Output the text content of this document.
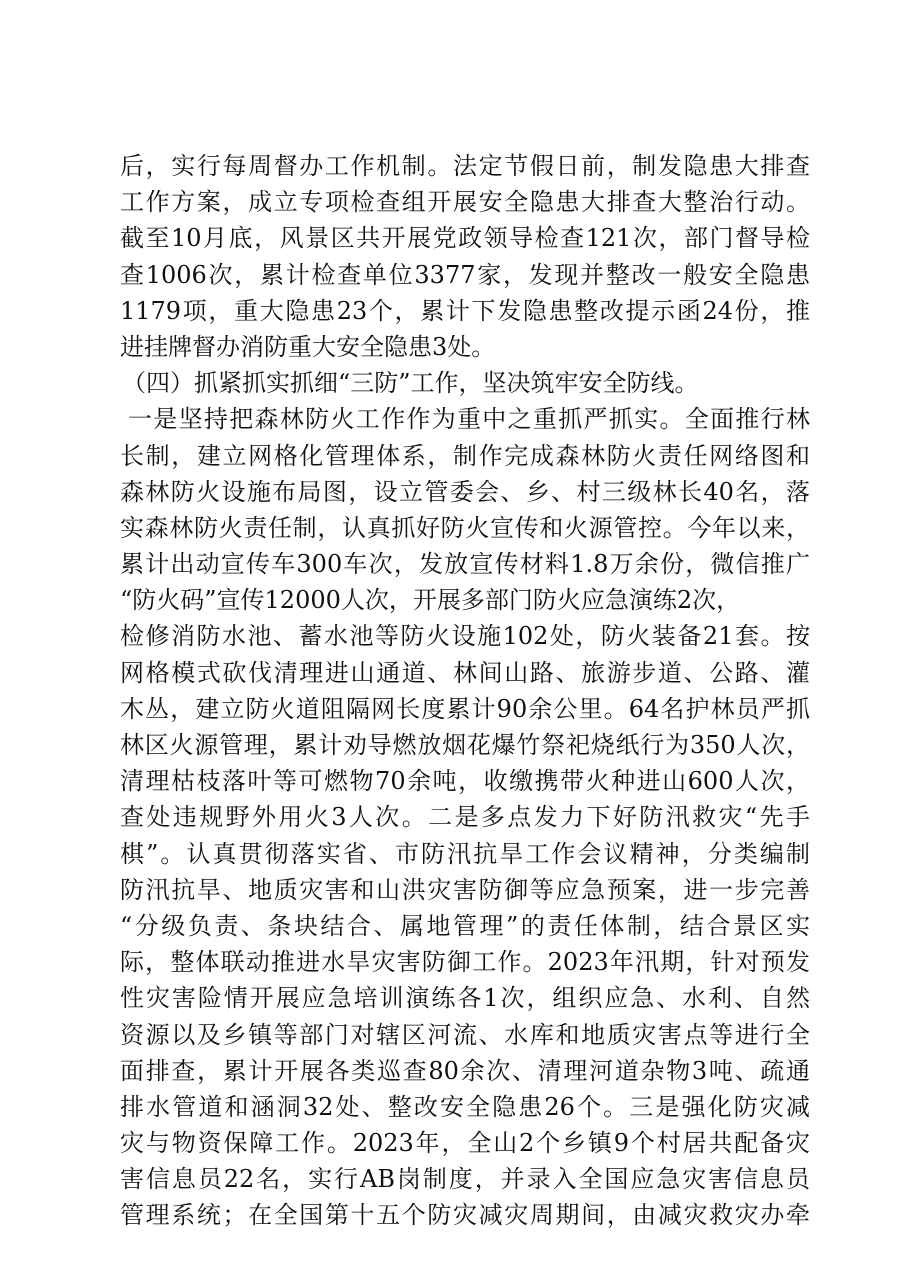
后，实行每周督办工作机制。法定节假日前，制发隐患大排查
工作方案，成立专项检查组开展安全隐患大排查大整治行动。
截至10月底，风景区共开展党政领导检查121次，部门督导检
查1006次，累计检查单位3377家，发现并整改一般安全隐患
1179项，重大隐患23个，累计下发隐患整改提示函24份，推
进挂牌督办消防重大安全隐患3处。
（四）抓紧抓实抓细“三防”工作，坚决筑牢安全防线。
一是坚持把森林防火工作作为重中之重抓严抓实。全面推行林
长制，建立网格化管理体系，制作完成森林防火责任网络图和
森林防火设施布局图，设立管委会、乡、村三级林长40名，落
实森林防火责任制，认真抓好防火宣传和火源管控。今年以来，
累计出动宣传车300车次，发放宣传材料1.8万余份，微信推广
“防火码”宣传12000人次，开展多部门防火应急演练2次，
检修消防水池、蓄水池等防火设施102处，防火装备21套。按
网格模式砍伐清理进山通道、林间山路、旅游步道、公路、灌
木丛，建立防火道阻隔网长度累计90余公里。64名护林员严抓
林区火源管理，累计劝导燃放烟花爆竹祭祀烧纸行为350人次，
清理枯枝落叶等可燃物70余吨，收缴携带火种进山600人次，
查处违规野外用火3人次。二是多点发力下好防汛救灾“先手
棋”。认真贯彻落实省、市防汛抗旱工作会议精神，分类编制
防汛抗旱、地质灾害和山洪灾害防御等应急预案，进一步完善
“分级负责、条块结合、属地管理”的责任体制，结合景区实
际，整体联动推进水旱灾害防御工作。2023年汛期，针对预发
性灾害险情开展应急培训演练各1次，组织应急、水利、自然
资源以及乡镇等部门对辖区河流、水库和地质灾害点等进行全
面排查，累计开展各类巡查80余次、清理河道杂物3吨、疏通
排水管道和涵洞32处、整改安全隐患26个。三是强化防灾减
灾与物资保障工作。2023年，全山2个乡镇9个村居共配备灾
害信息员22名，实行AB岗制度，并录入全国应急灾害信息员
管理系统；在全国第十五个防灾减灾周期间，由减灾救灾办牵
